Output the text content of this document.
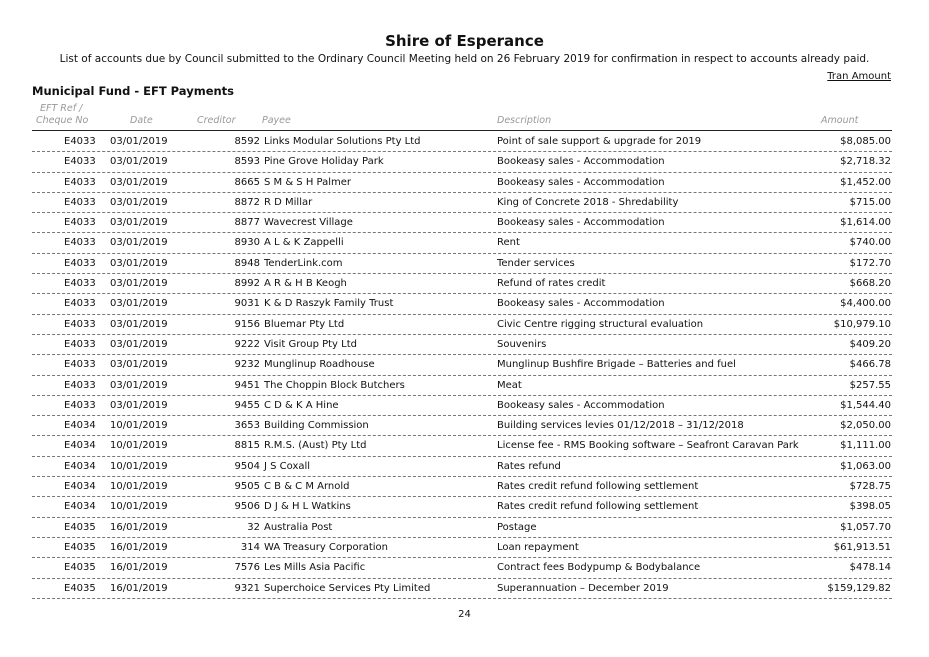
Shire of Esperance
List of accounts due by Council submitted to the Ordinary Council Meeting held on 26 February 2019 for confirmation in respect to accounts already paid.
Tran Amount
Municipal Fund - EFT Payments
EFT Ref /
Cheque No	Date	Creditor	Payee	Description	Amount
E4033 03/01/2019	8592 Links Modular Solutions Pty Ltd	Point of sale support & upgrade for 2019	$8,085.00
E4033 03/01/2019	8593 Pine Grove Holiday Park	Bookeasy sales - Accommodation	$2,718.32
E4033 03/01/2019	8665 S M & S H Palmer	Bookeasy sales - Accommodation	$1,452.00
E4033 03/01/2019	8872 R D Millar	King of Concrete 2018 - Shredability	$715.00
E4033 03/01/2019	8877 Wavecrest Village	Bookeasy sales - Accommodation	$1,614.00
E4033 03/01/2019	8930 A L & K Zappelli	Rent	$740.00
E4033 03/01/2019	8948 TenderLink.com	Tender services	$172.70
E4033 03/01/2019	8992 A R & H B Keogh	Refund of rates credit	$668.20
E4033 03/01/2019	9031 K & D Raszyk Family Trust	Bookeasy sales - Accommodation	$4,400.00
E4033 03/01/2019	9156 Bluemar Pty Ltd	Civic Centre rigging structural evaluation	$10,979.10
E4033 03/01/2019	9222 Visit Group Pty Ltd	Souvenirs	$409.20
E4033 03/01/2019	9232 Munglinup Roadhouse	Munglinup Bushfire Brigade – Batteries and fuel	$466.78
E4033 03/01/2019	9451 The Choppin Block Butchers	Meat	$257.55
E4033 03/01/2019	9455 C D & K A Hine	Bookeasy sales - Accommodation	$1,544.40
E4034 10/01/2019	3653 Building Commission	Building services levies 01/12/2018 – 31/12/2018	$2,050.00
E4034 10/01/2019	8815 R.M.S. (Aust) Pty Ltd	License fee - RMS Booking software – Seafront Caravan Park	$1,111.00
E4034 10/01/2019	9504 J S Coxall	Rates refund	$1,063.00
E4034 10/01/2019	9505 C B & C M Arnold	Rates credit refund following settlement	$728.75
E4034 10/01/2019	9506 D J & H L Watkins	Rates credit refund following settlement	$398.05
E4035 16/01/2019	32 Australia Post	Postage	$1,057.70
E4035 16/01/2019	314 WA Treasury Corporation	Loan repayment	$61,913.51
E4035 16/01/2019	7576 Les Mills Asia Pacific	Contract fees Bodypump & Bodybalance	$478.14
E4035 16/01/2019	9321 Superchoice Services Pty Limited	Superannuation – December 2019	$159,129.82
24
